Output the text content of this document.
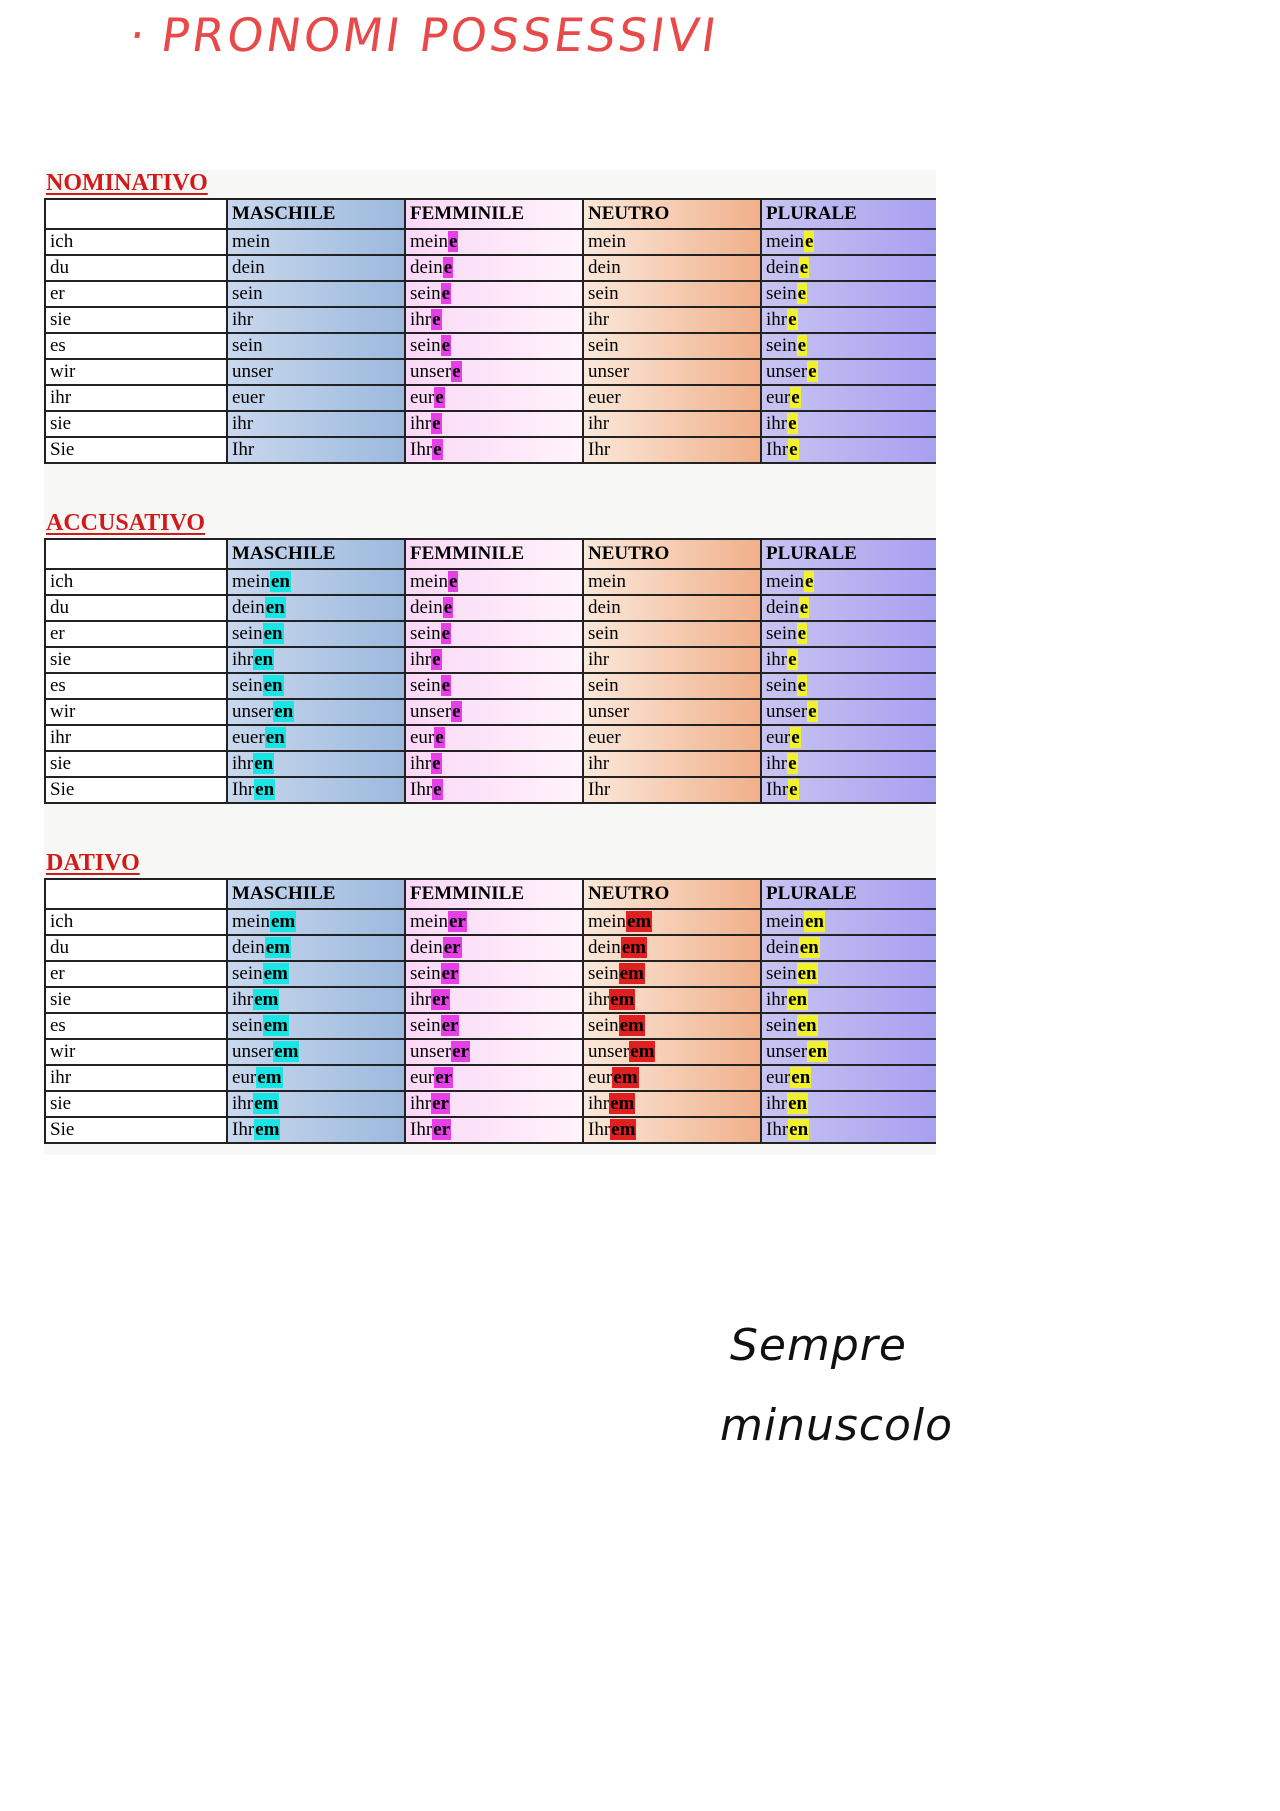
· PRONOMI POSSESSIVI
NOMINATIVO
	MASCHILE	FEMMINILE	NEUTRO	PLURALE
ich	mein	meine	mein	meine
du	dein	deine	dein	deine
er	sein	seine	sein	seine
sie	ihr	ihre	ihr	ihre
es	sein	seine	sein	seine
wir	unser	unsere	unser	unsere
ihr	euer	eure	euer	eure
sie	ihr	ihre	ihr	ihre
Sie	Ihr	Ihre	Ihr	Ihre
ACCUSATIVO
	MASCHILE	FEMMINILE	NEUTRO	PLURALE
ich	meinen	meine	mein	meine
du	deinen	deine	dein	deine
er	seinen	seine	sein	seine
sie	ihren	ihre	ihr	ihre
es	seinen	seine	sein	seine
wir	unseren	unsere	unser	unsere
ihr	eueren	eure	euer	eure
sie	ihren	ihre	ihr	ihre
Sie	Ihren	Ihre	Ihr	Ihre
DATIVO
	MASCHILE	FEMMINILE	NEUTRO	PLURALE
ich	meinem	meiner	meinem	meinen
du	deinem	deiner	deinem	deinen
er	seinem	seiner	seinem	seinen
sie	ihrem	ihrer	ihrem	ihren
es	seinem	seiner	seinem	seinen
wir	unserem	unserer	unserem	unseren
ihr	eurem	eurer	eurem	euren
sie	ihrem	ihrer	ihrem	ihren
Sie	Ihrem	Ihrer	Ihrem	Ihren
Sempre
minuscolo
